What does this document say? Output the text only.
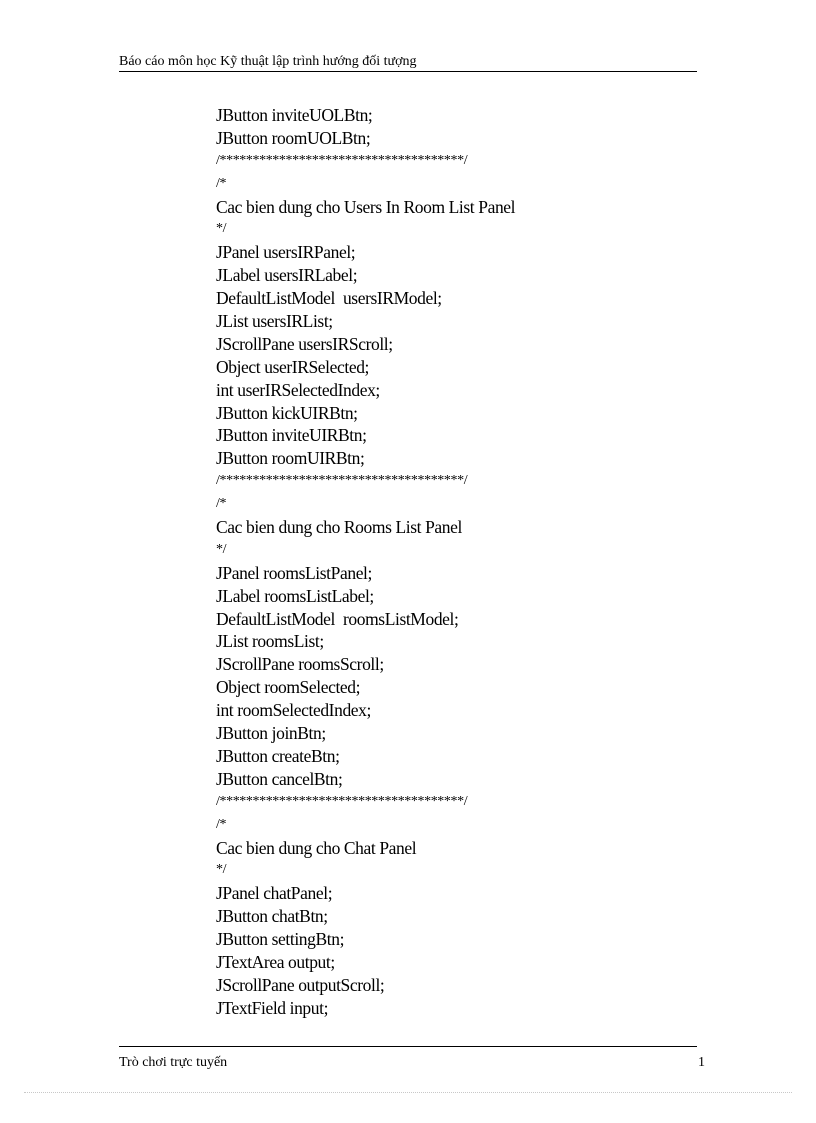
Báo cáo môn học Kỹ thuật lập trình hướng đối tượng
JButton inviteUOLBtn;
JButton roomUOLBtn;
/*************************************/
/*
Cac bien dung cho Users In Room List Panel
*/
JPanel usersIRPanel;
JLabel usersIRLabel;
DefaultListModel  usersIRModel;
JList usersIRList;
JScrollPane usersIRScroll;
Object userIRSelected;
int userIRSelectedIndex;
JButton kickUIRBtn;
JButton inviteUIRBtn;
JButton roomUIRBtn;
/*************************************/
/*
Cac bien dung cho Rooms List Panel
*/
JPanel roomsListPanel;
JLabel roomsListLabel;
DefaultListModel  roomsListModel;
JList roomsList;
JScrollPane roomsScroll;
Object roomSelected;
int roomSelectedIndex;
JButton joinBtn;
JButton createBtn;
JButton cancelBtn;
/*************************************/
/*
Cac bien dung cho Chat Panel
*/
JPanel chatPanel;
JButton chatBtn;
JButton settingBtn;
JTextArea output;
JScrollPane outputScroll;
JTextField input;
Trò chơi trực tuyến	1
